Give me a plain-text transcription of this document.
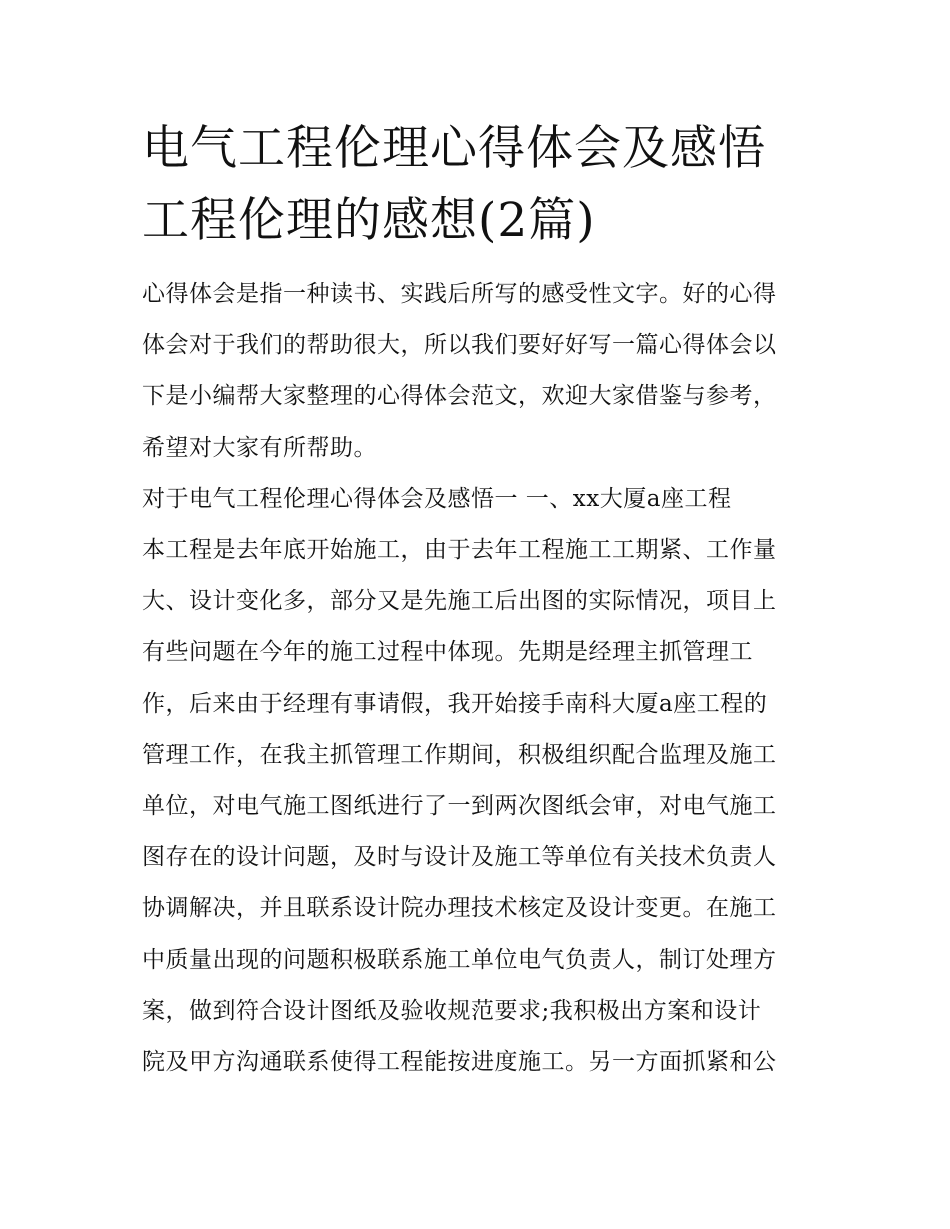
电气工程伦理心得体会及感悟
工程伦理的感想(2篇)
心得体会是指一种读书、实践后所写的感受性文字。好的心得
体会对于我们的帮助很大，所以我们要好好写一篇心得体会以
下是小编帮大家整理的心得体会范文，欢迎大家借鉴与参考，
希望对大家有所帮助。
对于电气工程伦理心得体会及感悟一 一、xx大厦a座工程
本工程是去年底开始施工，由于去年工程施工工期紧、工作量
大、设计变化多，部分又是先施工后出图的实际情况，项目上
有些问题在今年的施工过程中体现。先期是经理主抓管理工
作，后来由于经理有事请假，我开始接手南科大厦a座工程的
管理工作，在我主抓管理工作期间，积极组织配合监理及施工
单位，对电气施工图纸进行了一到两次图纸会审，对电气施工
图存在的设计问题，及时与设计及施工等单位有关技术负责人
协调解决，并且联系设计院办理技术核定及设计变更。在施工
中质量出现的问题积极联系施工单位电气负责人，制订处理方
案，做到符合设计图纸及验收规范要求;我积极出方案和设计
院及甲方沟通联系使得工程能按进度施工。另一方面抓紧和公
